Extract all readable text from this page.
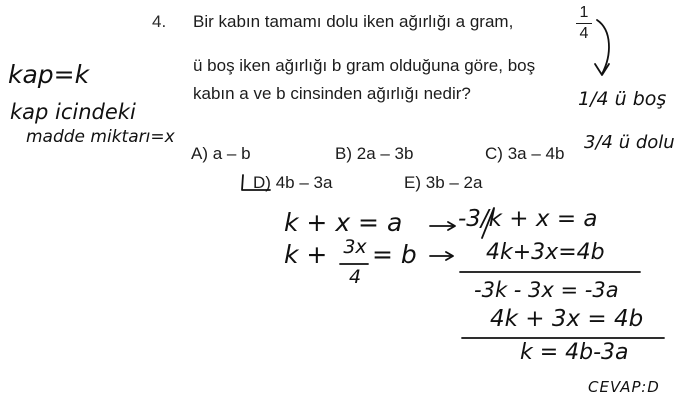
4. Bir kabın tamamı dolu iken ağırlığı a gram,	1
4
ü boş iken ağırlığı b gram olduğuna göre, boş
kabın a ve b cinsinden ağırlığı nedir?
A) a – b	B) 2a – 3b	C) 3a – 4b
D) 4b – 3a	E) 3b – 2a
kap=k
kap icindeki
madde miktarı=x
1/4 ü boş
3/4 ü dolu
k + x = a
k + 3x
4
= b
-3/k + x = a
4k+3x=4b
-3k - 3x = -3a
4k + 3x = 4b
k = 4b-3a
CEVAP:D
